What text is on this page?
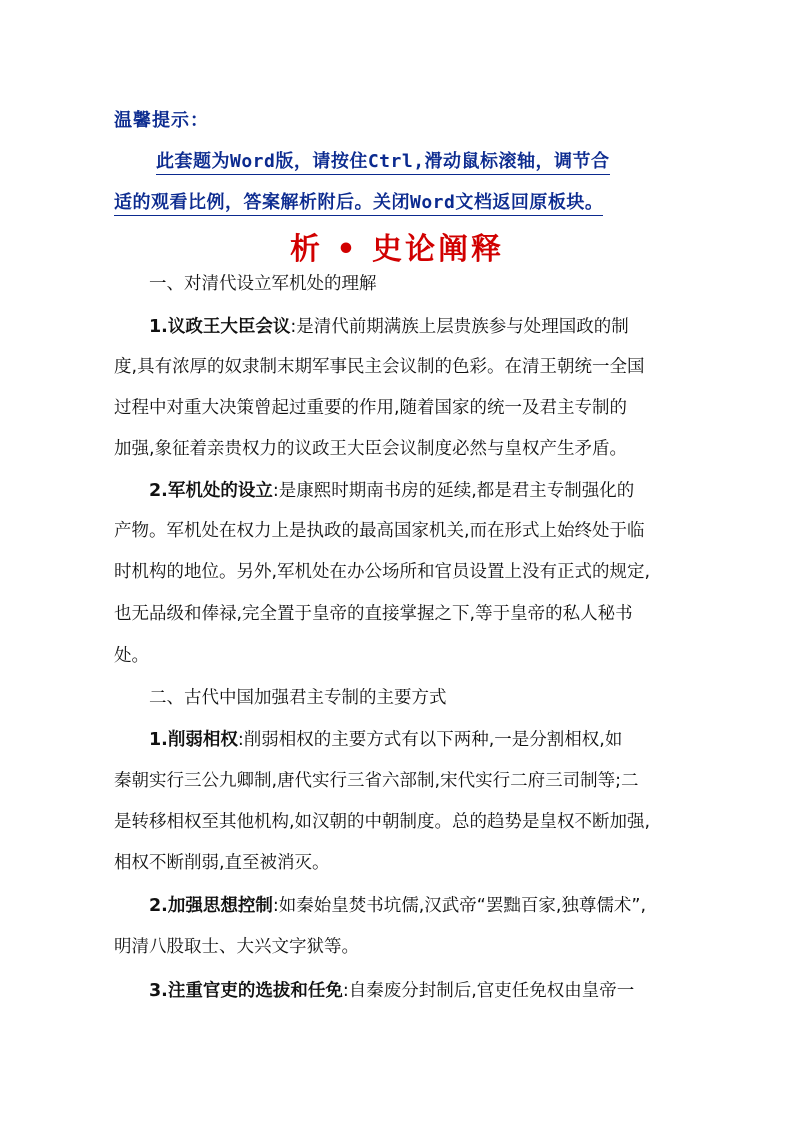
温馨提示：
此套题为Word版，请按住Ctrl,滑动鼠标滚轴，调节合
适的观看比例，答案解析附后。关闭Word文档返回原板块。
析 • 史论阐释
一、对清代设立军机处的理解
1.议政王大臣会议:是清代前期满族上层贵族参与处理国政的制
度,具有浓厚的奴隶制末期军事民主会议制的色彩。在清王朝统一全国
过程中对重大决策曾起过重要的作用,随着国家的统一及君主专制的
加强,象征着亲贵权力的议政王大臣会议制度必然与皇权产生矛盾。
2.军机处的设立:是康熙时期南书房的延续,都是君主专制强化的
产物。军机处在权力上是执政的最高国家机关,而在形式上始终处于临
时机构的地位。另外,军机处在办公场所和官员设置上没有正式的规定,
也无品级和俸禄,完全置于皇帝的直接掌握之下,等于皇帝的私人秘书
处。
二、古代中国加强君主专制的主要方式
1.削弱相权:削弱相权的主要方式有以下两种,一是分割相权,如
秦朝实行三公九卿制,唐代实行三省六部制,宋代实行二府三司制等;二
是转移相权至其他机构,如汉朝的中朝制度。总的趋势是皇权不断加强,
相权不断削弱,直至被消灭。
2.加强思想控制:如秦始皇焚书坑儒,汉武帝“罢黜百家,独尊儒术”,
明清八股取士、大兴文字狱等。
3.注重官吏的选拔和任免:自秦废分封制后,官吏任免权由皇帝一
